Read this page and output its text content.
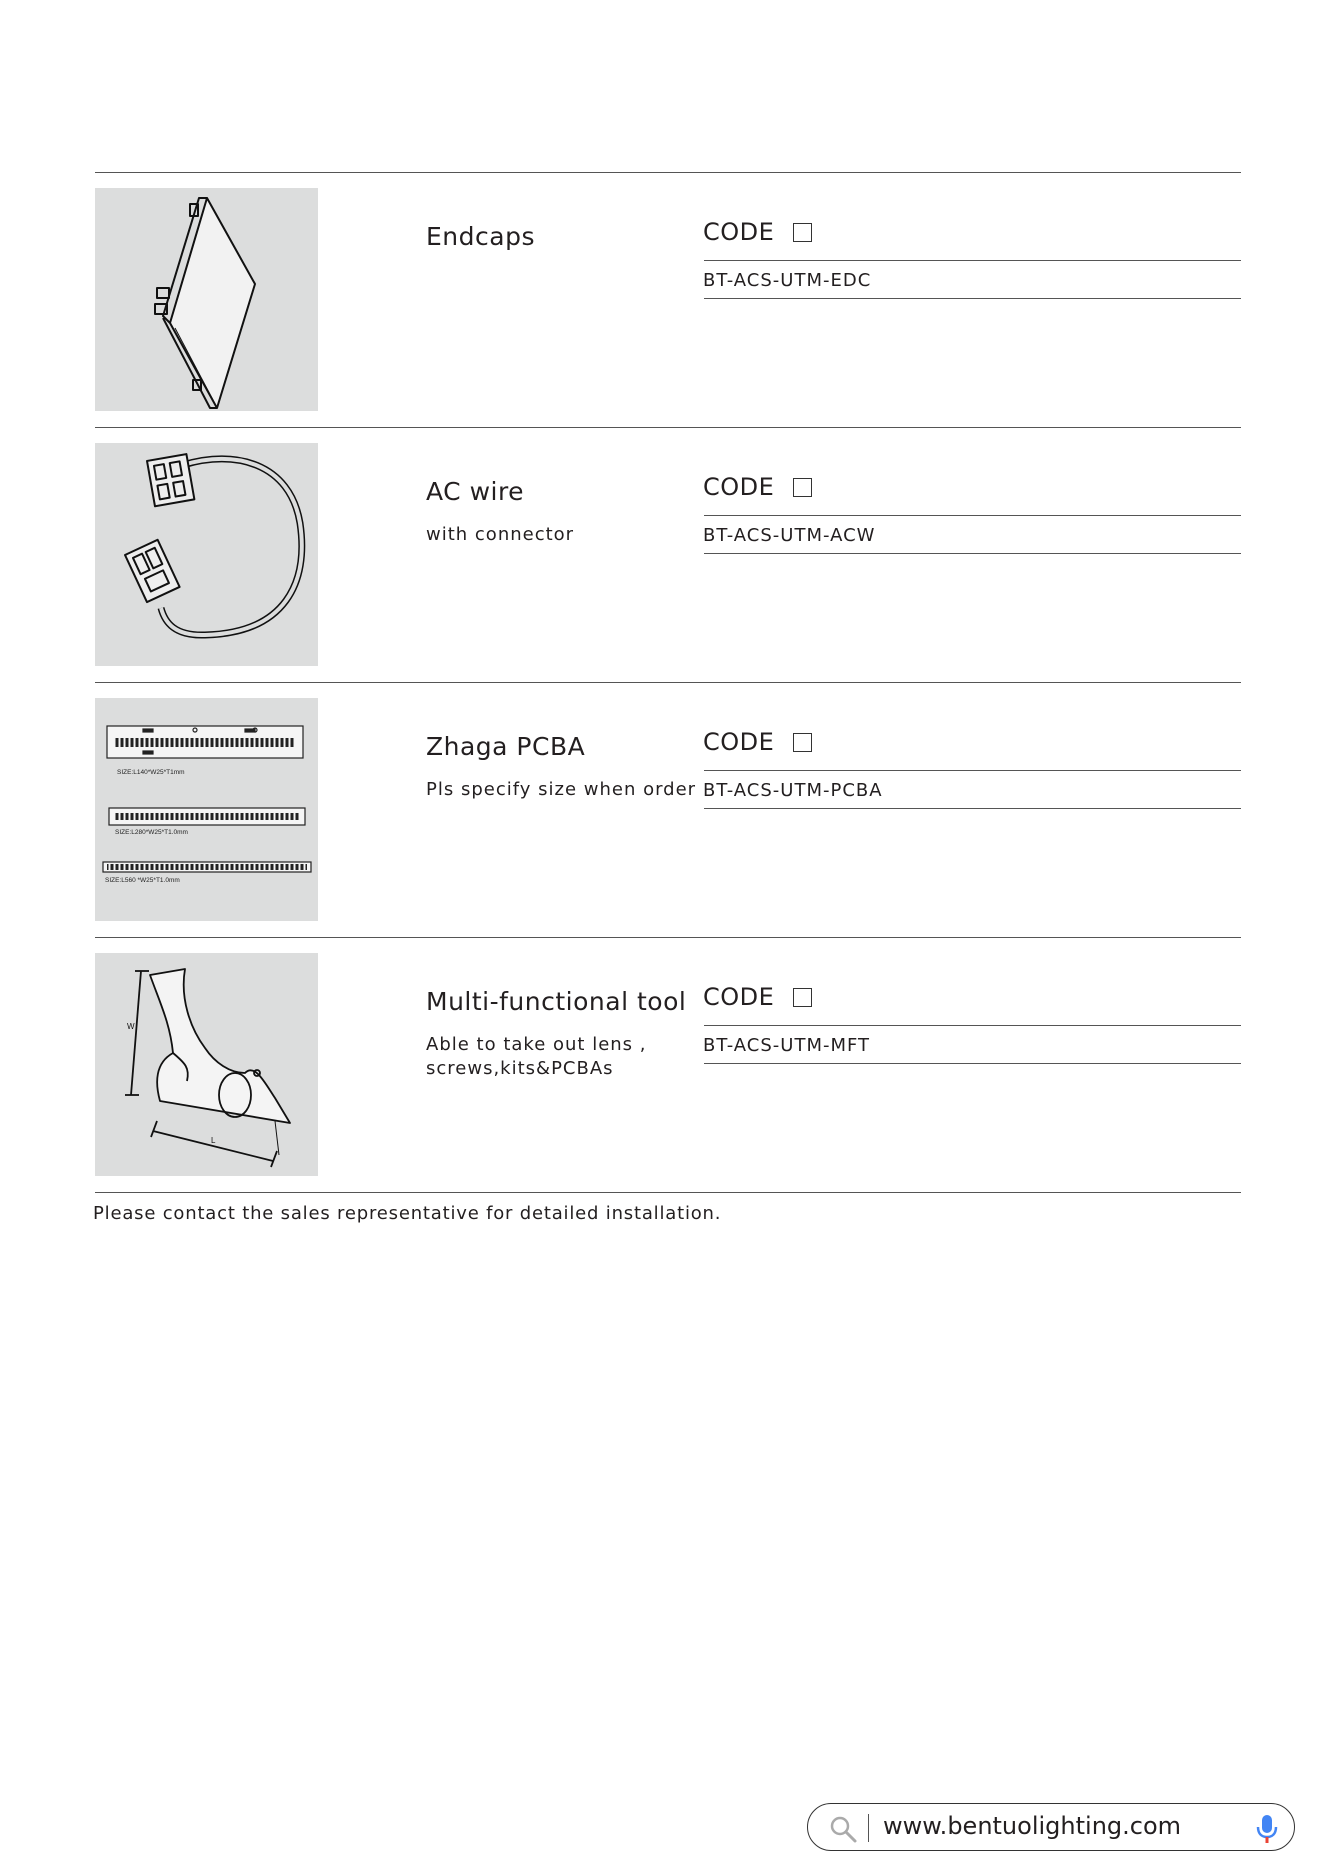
Endcaps	CODE
BT-ACS-UTM-EDC
AC wire
with connector
CODE
BT-ACS-UTM-ACW
SIZE:L140*W25*T1mm
SIZE:L280*W25*T1.0mm
SIZE:L560 *W25*T1.0mm
Zhaga PCBA
Pls specify size when order
CODE
BT-ACS-UTM-PCBA
W
L
Multi-functional tool
Able to take out lens ,
screws,kits&PCBAs
CODE
BT-ACS-UTM-MFT
Please contact the sales representative for detailed installation.
www.bentuolighting.com
